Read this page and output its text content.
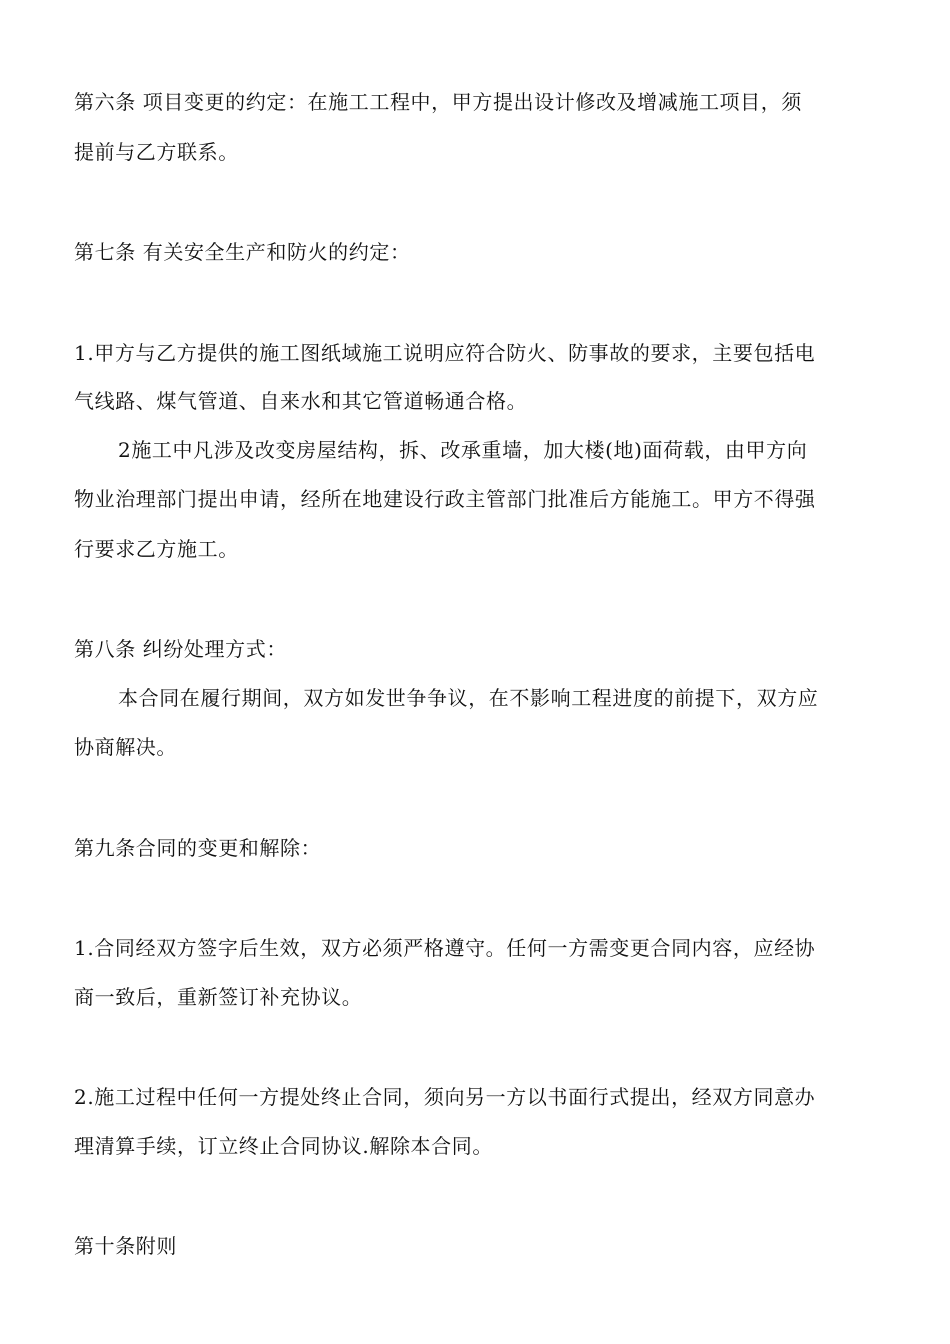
第六条 项目变更的约定：在施工工程中，甲方提出设计修改及增减施工项目，须
提前与乙方联系。
第七条 有关安全生产和防火的约定：
1.甲方与乙方提供的施工图纸域施工说明应符合防火、防事故的要求，主要包括电
气线路、煤气管道、自来水和其它管道畅通合格。
2施工中凡涉及改变房屋结构，拆、改承重墙，加大楼(地)面荷载，由甲方向
物业治理部门提出申请，经所在地建设行政主管部门批准后方能施工。甲方不得强
行要求乙方施工。
第八条 纠纷处理方式：
本合同在履行期间，双方如发世争争议，在不影响工程进度的前提下，双方应
协商解决。
第九条合同的变更和解除：
1.合同经双方签字后生效，双方必须严格遵守。任何一方需变更合同内容，应经协
商一致后，重新签订补充协议。
2.施工过程中任何一方提处终止合同，须向另一方以书面行式提出，经双方同意办
理清算手续，订立终止合同协议.解除本合同。
第十条附则
